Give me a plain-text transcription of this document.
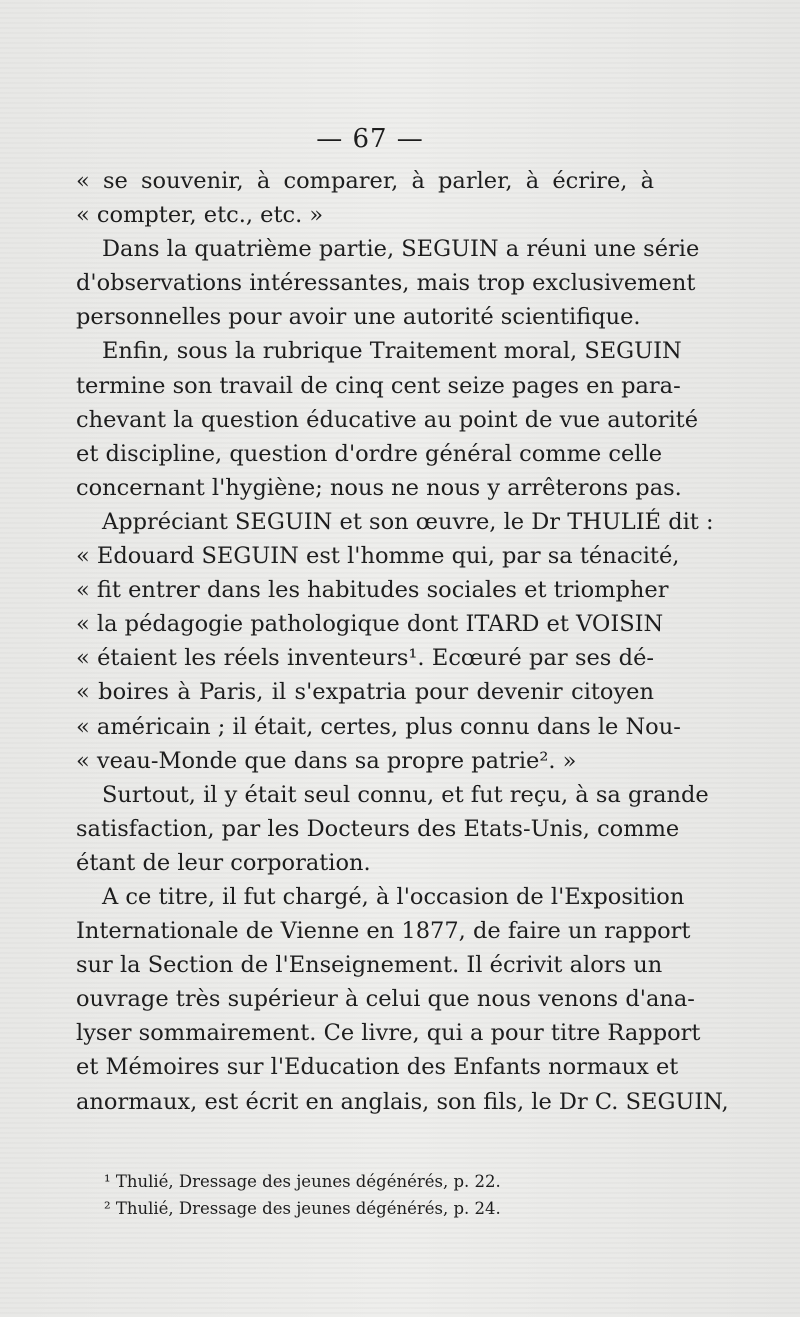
— 67 —
« se souvenir, à comparer, à parler, à écrire, à
« compter, etc., etc. »
Dans la quatrième partie, SEGUIN a réuni une série
d'observations intéressantes, mais trop exclusivement
personnelles pour avoir une autorité scientifique.
Enfin, sous la rubrique Traitement moral, SEGUIN
termine son travail de cinq cent seize pages en para-
chevant la question éducative au point de vue autorité
et discipline, question d'ordre général comme celle
concernant l'hygiène; nous ne nous y arrêterons pas.
Appréciant SEGUIN et son œuvre, le Dr THULIÉ dit :
« Edouard SEGUIN est l'homme qui, par sa ténacité,
« fit entrer dans les habitudes sociales et triompher
« la pédagogie pathologique dont ITARD et VOISIN
« étaient les réels inventeurs¹. Ecœuré par ses dé-
« boires à Paris, il s'expatria pour devenir citoyen
« américain ; il était, certes, plus connu dans le Nou-
« veau-Monde que dans sa propre patrie². »
Surtout, il y était seul connu, et fut reçu, à sa grande
satisfaction, par les Docteurs des Etats-Unis, comme
étant de leur corporation.
A ce titre, il fut chargé, à l'occasion de l'Exposition
Internationale de Vienne en 1877, de faire un rapport
sur la Section de l'Enseignement. Il écrivit alors un
ouvrage très supérieur à celui que nous venons d'ana-
lyser sommairement. Ce livre, qui a pour titre Rapport
et Mémoires sur l'Education des Enfants normaux et
anormaux, est écrit en anglais, son fils, le Dr C. SEGUIN,
¹ Thulié, Dressage des jeunes dégénérés, p. 22.
² Thulié, Dressage des jeunes dégénérés, p. 24.
